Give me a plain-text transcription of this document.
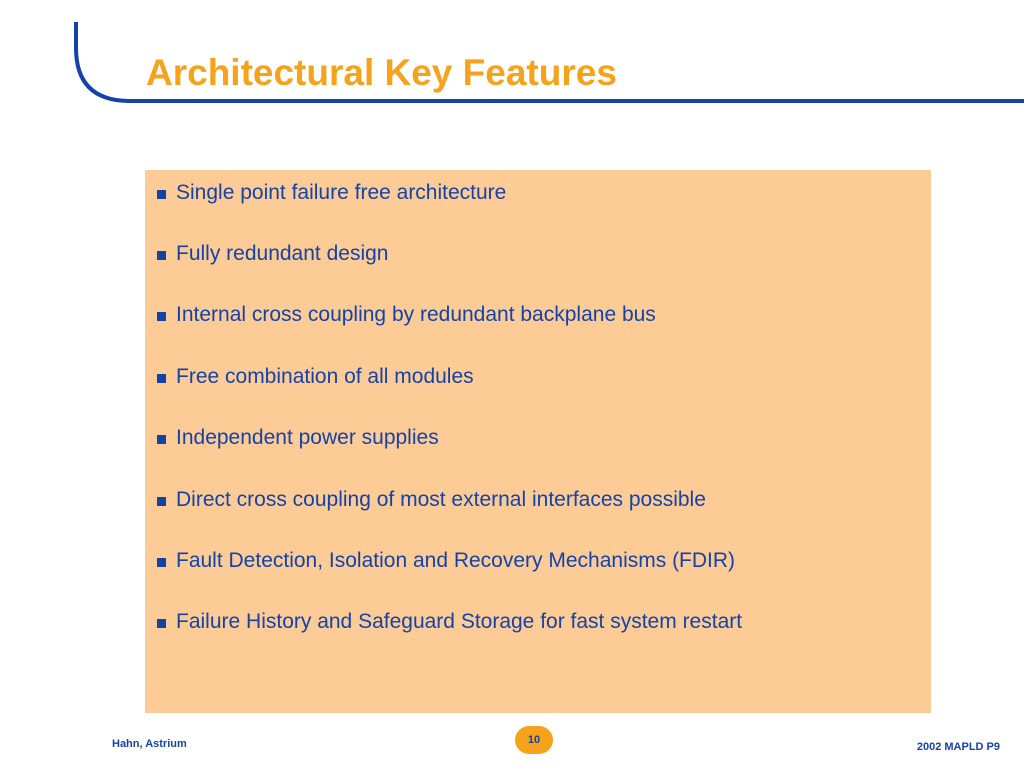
Architectural Key Features
Single point failure free architecture
Fully redundant design
Internal cross coupling by redundant backplane bus
Free combination of all modules
Independent power supplies
Direct cross coupling of most external interfaces possible
Fault Detection, Isolation and Recovery Mechanisms (FDIR)
Failure History and Safeguard Storage for fast system restart
Hahn, Astrium	10
2002 MAPLD P9
